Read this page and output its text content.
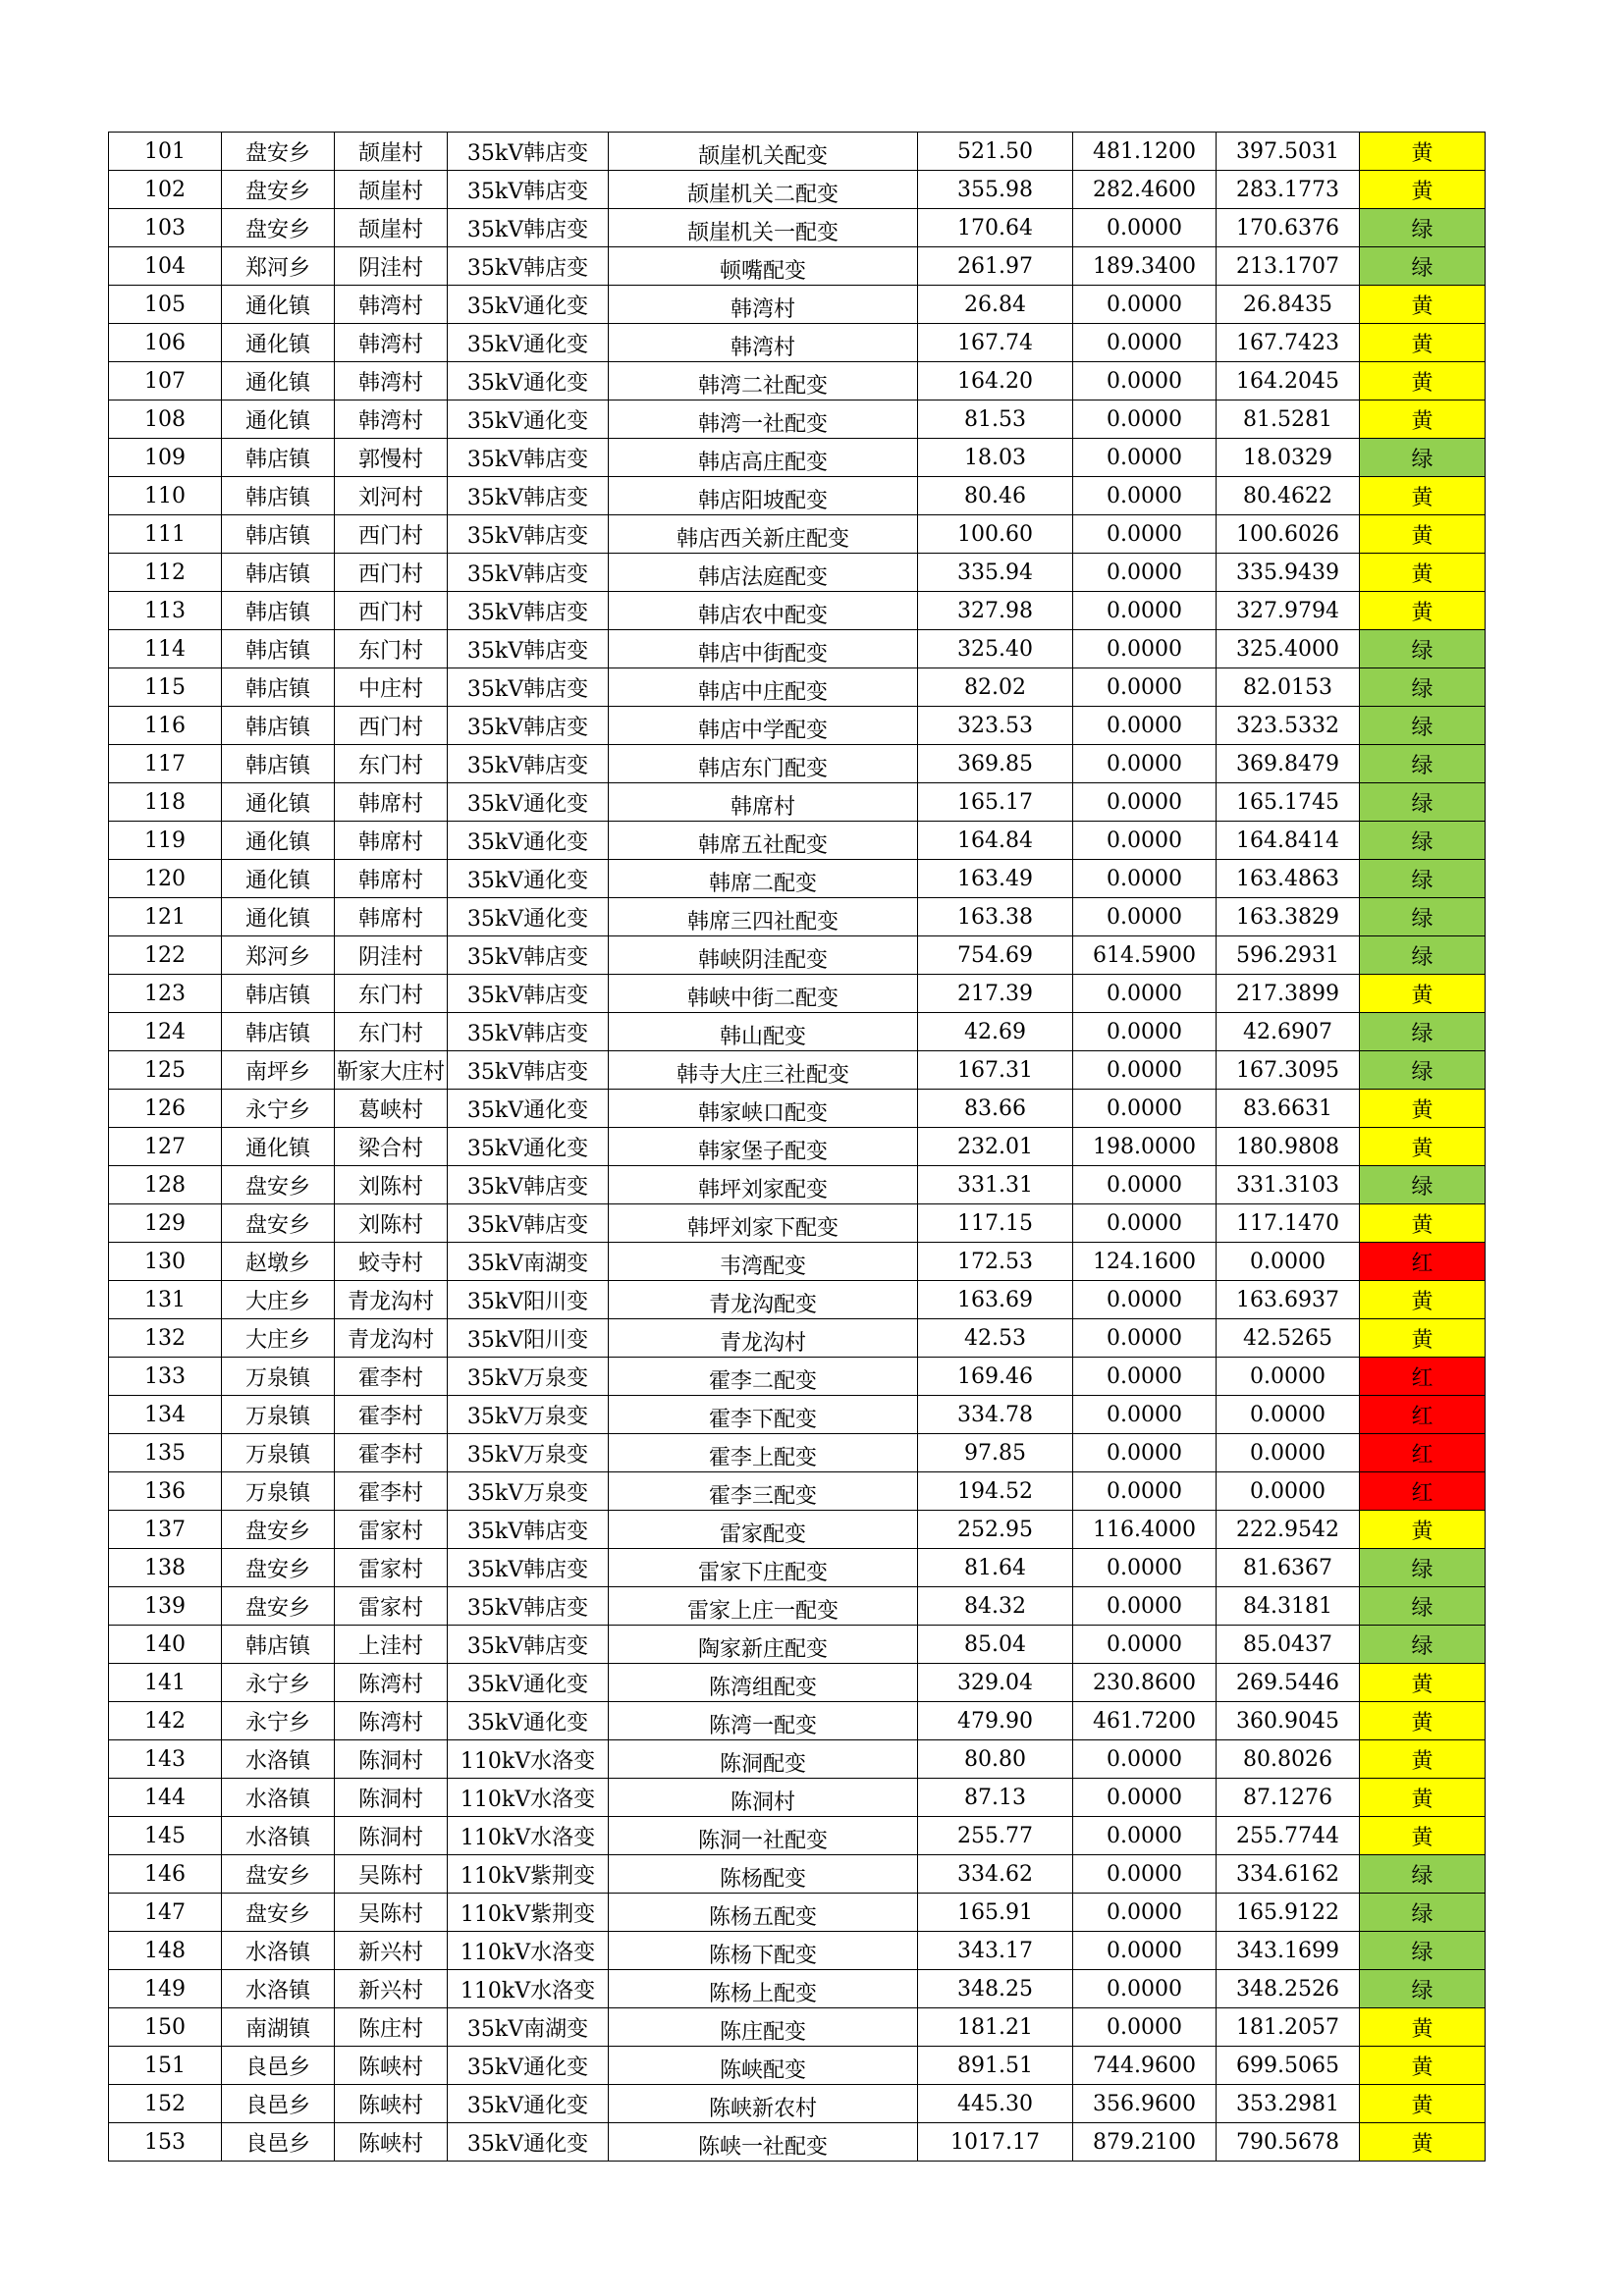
101	盘安乡	颉崖村	35kV韩店变	颉崖机关配变	521.50	481.1200	397.5031	黄
102	盘安乡	颉崖村	35kV韩店变	颉崖机关二配变	355.98	282.4600	283.1773	黄
103	盘安乡	颉崖村	35kV韩店变	颉崖机关一配变	170.64	0.0000	170.6376	绿
104	郑河乡	阴洼村	35kV韩店变	顿嘴配变	261.97	189.3400	213.1707	绿
105	通化镇	韩湾村	35kV通化变	韩湾村	26.84	0.0000	26.8435	黄
106	通化镇	韩湾村	35kV通化变	韩湾村	167.74	0.0000	167.7423	黄
107	通化镇	韩湾村	35kV通化变	韩湾二社配变	164.20	0.0000	164.2045	黄
108	通化镇	韩湾村	35kV通化变	韩湾一社配变	81.53	0.0000	81.5281	黄
109	韩店镇	郭慢村	35kV韩店变	韩店高庄配变	18.03	0.0000	18.0329	绿
110	韩店镇	刘河村	35kV韩店变	韩店阳坡配变	80.46	0.0000	80.4622	黄
111	韩店镇	西门村	35kV韩店变	韩店西关新庄配变	100.60	0.0000	100.6026	黄
112	韩店镇	西门村	35kV韩店变	韩店法庭配变	335.94	0.0000	335.9439	黄
113	韩店镇	西门村	35kV韩店变	韩店农中配变	327.98	0.0000	327.9794	黄
114	韩店镇	东门村	35kV韩店变	韩店中街配变	325.40	0.0000	325.4000	绿
115	韩店镇	中庄村	35kV韩店变	韩店中庄配变	82.02	0.0000	82.0153	绿
116	韩店镇	西门村	35kV韩店变	韩店中学配变	323.53	0.0000	323.5332	绿
117	韩店镇	东门村	35kV韩店变	韩店东门配变	369.85	0.0000	369.8479	绿
118	通化镇	韩席村	35kV通化变	韩席村	165.17	0.0000	165.1745	绿
119	通化镇	韩席村	35kV通化变	韩席五社配变	164.84	0.0000	164.8414	绿
120	通化镇	韩席村	35kV通化变	韩席二配变	163.49	0.0000	163.4863	绿
121	通化镇	韩席村	35kV通化变	韩席三四社配变	163.38	0.0000	163.3829	绿
122	郑河乡	阴洼村	35kV韩店变	韩峡阴洼配变	754.69	614.5900	596.2931	绿
123	韩店镇	东门村	35kV韩店变	韩峡中街二配变	217.39	0.0000	217.3899	黄
124	韩店镇	东门村	35kV韩店变	韩山配变	42.69	0.0000	42.6907	绿
125	南坪乡	靳家大庄村	35kV韩店变	韩寺大庄三社配变	167.31	0.0000	167.3095	绿
126	永宁乡	葛峡村	35kV通化变	韩家峡口配变	83.66	0.0000	83.6631	黄
127	通化镇	梁合村	35kV通化变	韩家堡子配变	232.01	198.0000	180.9808	黄
128	盘安乡	刘陈村	35kV韩店变	韩坪刘家配变	331.31	0.0000	331.3103	绿
129	盘安乡	刘陈村	35kV韩店变	韩坪刘家下配变	117.15	0.0000	117.1470	黄
130	赵墩乡	蛟寺村	35kV南湖变	韦湾配变	172.53	124.1600	0.0000	红
131	大庄乡	青龙沟村	35kV阳川变	青龙沟配变	163.69	0.0000	163.6937	黄
132	大庄乡	青龙沟村	35kV阳川变	青龙沟村	42.53	0.0000	42.5265	黄
133	万泉镇	霍李村	35kV万泉变	霍李二配变	169.46	0.0000	0.0000	红
134	万泉镇	霍李村	35kV万泉变	霍李下配变	334.78	0.0000	0.0000	红
135	万泉镇	霍李村	35kV万泉变	霍李上配变	97.85	0.0000	0.0000	红
136	万泉镇	霍李村	35kV万泉变	霍李三配变	194.52	0.0000	0.0000	红
137	盘安乡	雷家村	35kV韩店变	雷家配变	252.95	116.4000	222.9542	黄
138	盘安乡	雷家村	35kV韩店变	雷家下庄配变	81.64	0.0000	81.6367	绿
139	盘安乡	雷家村	35kV韩店变	雷家上庄一配变	84.32	0.0000	84.3181	绿
140	韩店镇	上洼村	35kV韩店变	陶家新庄配变	85.04	0.0000	85.0437	绿
141	永宁乡	陈湾村	35kV通化变	陈湾组配变	329.04	230.8600	269.5446	黄
142	永宁乡	陈湾村	35kV通化变	陈湾一配变	479.90	461.7200	360.9045	黄
143	水洛镇	陈洞村	110kV水洛变	陈洞配变	80.80	0.0000	80.8026	黄
144	水洛镇	陈洞村	110kV水洛变	陈洞村	87.13	0.0000	87.1276	黄
145	水洛镇	陈洞村	110kV水洛变	陈洞一社配变	255.77	0.0000	255.7744	黄
146	盘安乡	吴陈村	110kV紫荆变	陈杨配变	334.62	0.0000	334.6162	绿
147	盘安乡	吴陈村	110kV紫荆变	陈杨五配变	165.91	0.0000	165.9122	绿
148	水洛镇	新兴村	110kV水洛变	陈杨下配变	343.17	0.0000	343.1699	绿
149	水洛镇	新兴村	110kV水洛变	陈杨上配变	348.25	0.0000	348.2526	绿
150	南湖镇	陈庄村	35kV南湖变	陈庄配变	181.21	0.0000	181.2057	黄
151	良邑乡	陈峡村	35kV通化变	陈峡配变	891.51	744.9600	699.5065	黄
152	良邑乡	陈峡村	35kV通化变	陈峡新农村	445.30	356.9600	353.2981	黄
153	良邑乡	陈峡村	35kV通化变	陈峡一社配变	1017.17	879.2100	790.5678	黄
